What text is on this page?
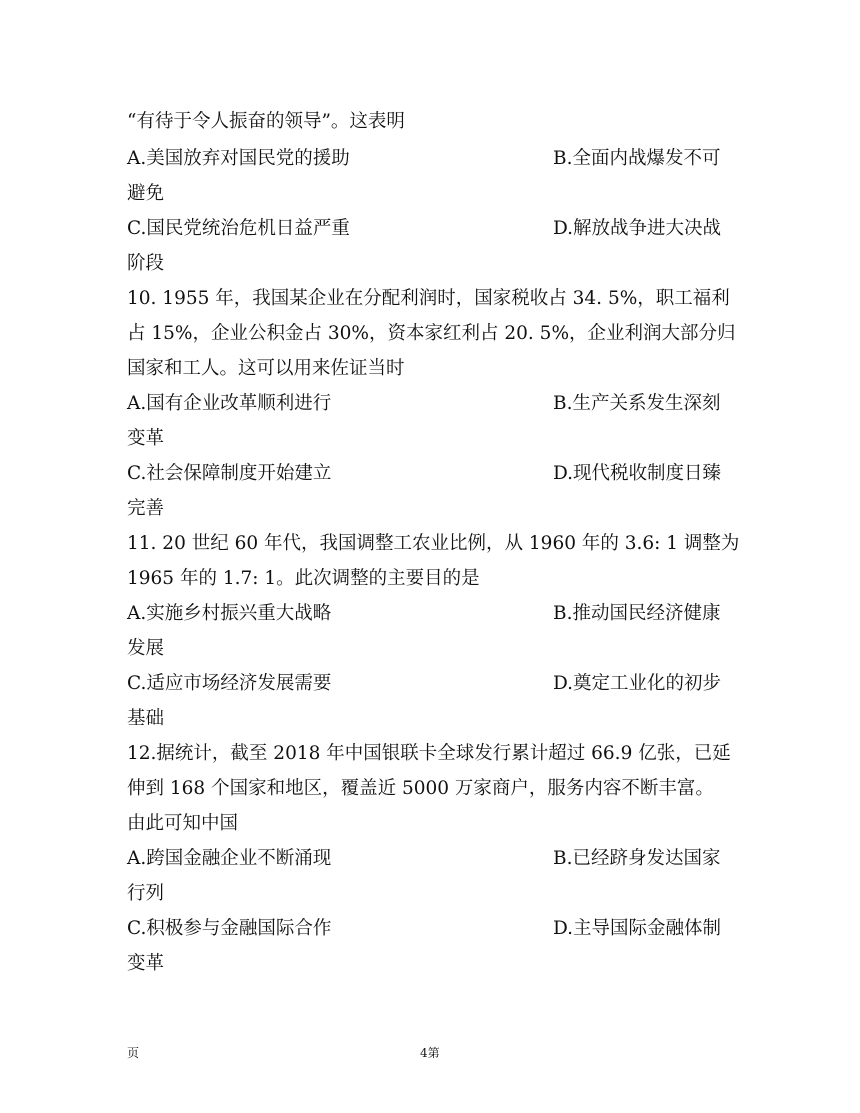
“有待于令人振奋的领导”。这表明
A.美国放弃对国民党的援助	B.全面内战爆发不可
避免
C.国民党统治危机日益严重	D.解放战争进大决战
阶段
10. 1955 年，我国某企业在分配利润时，国家税收占 34. 5%，职工福利
占 15%，企业公积金占 30%，资本家红利占 20. 5%，企业利润大部分归
国家和工人。这可以用来佐证当时
A.国有企业改革顺利进行	B.生产关系发生深刻
变革
C.社会保障制度开始建立	D.现代税收制度日臻
完善
11. 20 世纪 60 年代，我国调整工农业比例，从 1960 年的 3.6: 1 调整为
1965 年的 1.7: 1。此次调整的主要目的是
A.实施乡村振兴重大战略	B.推动国民经济健康
发展
C.适应市场经济发展需要	D.奠定工业化的初步
基础
12.据统计，截至 2018 年中国银联卡全球发行累计超过 66.9 亿张，已延
伸到 168 个国家和地区，覆盖近 5000 万家商户，服务内容不断丰富。
由此可知中国
A.跨国金融企业不断涌现	B.已经跻身发达国家
行列
C.积极参与金融国际合作	D.主导国际金融体制
变革
页	4第
